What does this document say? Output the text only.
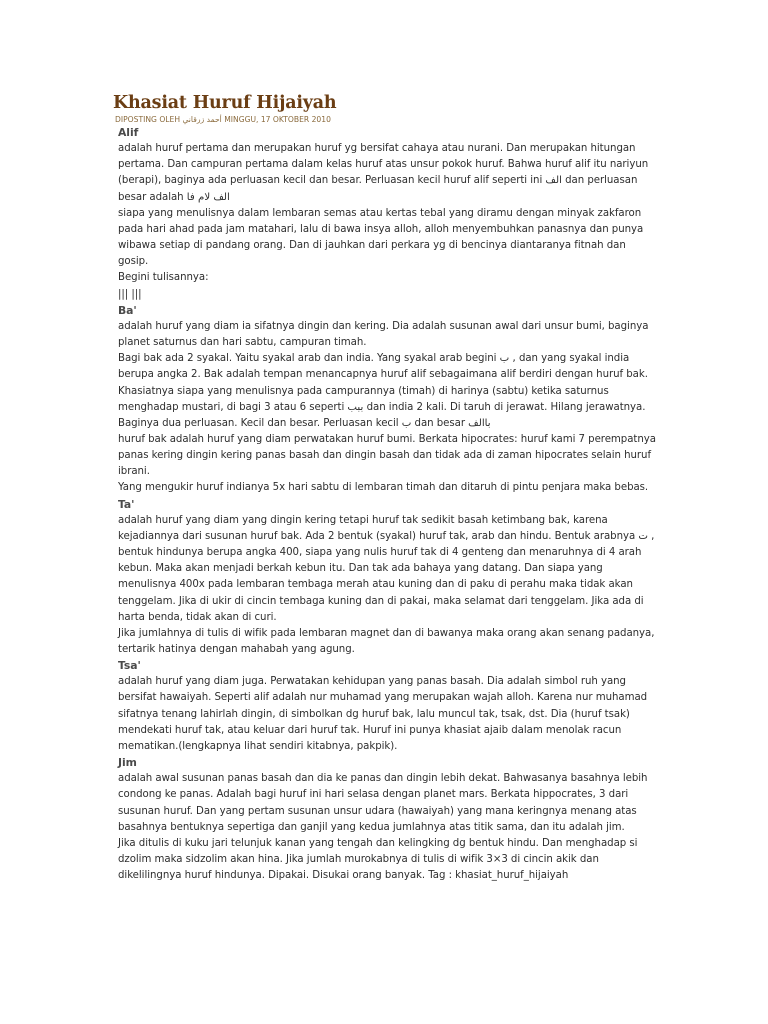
Khasiat Huruf Hijaiyah
DIPOSTING OLEH أحمد زرقاني MINGGU, 17 OKTOBER 2010

Alif

adalah huruf pertama dan merupakan huruf yg bersifat cahaya atau nurani. Dan merupakan hitungan pertama. Dan campuran pertama dalam kelas huruf atas unsur pokok huruf. Bahwa huruf alif itu nariyun (berapi), baginya ada perluasan kecil dan besar. Perluasan kecil huruf alif seperti ini الف dan perluasan besar adalah الف لام فا

siapa yang menulisnya dalam lembaran semas atau kertas tebal yang diramu dengan minyak zakfaron pada hari ahad pada jam matahari, lalu di bawa insya alloh, alloh menyembuhkan panasnya dan punya wibawa setiap di pandang orang. Dan di jauhkan dari perkara yg di bencinya diantaranya fitnah dan gosip.

Begini tulisannya:

||| |||

Ba'

adalah huruf yang diam ia sifatnya dingin dan kering. Dia adalah susunan awal dari unsur bumi, baginya planet saturnus dan hari sabtu, campuran timah.

Bagi bak ada 2 syakal. Yaitu syakal arab dan india. Yang syakal arab begini ب , dan yang syakal india berupa angka 2. Bak adalah tempan menancapnya huruf alif sebagaimana alif berdiri dengan huruf bak. Khasiatnya siapa yang menulisnya pada campurannya (timah) di harinya (sabtu) ketika saturnus menghadap mustari, di bagi 3 atau 6 seperti ببب dan india 2 kali. Di taruh di jerawat. Hilang jerawatnya. Baginya dua perluasan. Kecil dan besar. Perluasan kecil ب dan besar باالف

huruf bak adalah huruf yang diam perwatakan huruf bumi. Berkata hipocrates: huruf kami 7 perempatnya panas kering dingin kering panas basah dan dingin basah dan tidak ada di zaman hipocrates selain huruf ibrani.

Yang mengukir huruf indianya 5x hari sabtu di lembaran timah dan ditaruh di pintu penjara maka bebas.

Ta'

adalah huruf yang diam yang dingin kering tetapi huruf tak sedikit basah ketimbang bak, karena kejadiannya dari susunan huruf bak. Ada 2 bentuk (syakal) huruf tak, arab dan hindu. Bentuk arabnya ت , bentuk hindunya berupa angka 400, siapa yang nulis huruf tak di 4 genteng dan menaruhnya di 4 arah kebun. Maka akan menjadi berkah kebun itu. Dan tak ada bahaya yang datang. Dan siapa yang menulisnya 400x pada lembaran tembaga merah atau kuning dan di paku di perahu maka tidak akan tenggelam. Jika di ukir di cincin tembaga kuning dan di pakai, maka selamat dari tenggelam. Jika ada di harta benda, tidak akan di curi.

Jika jumlahnya di tulis di wifik pada lembaran magnet dan di bawanya maka orang akan senang padanya, tertarik hatinya dengan mahabah yang agung.

Tsa'

adalah huruf yang diam juga. Perwatakan kehidupan yang panas basah. Dia adalah simbol ruh yang bersifat hawaiyah. Seperti alif adalah nur muhamad yang merupakan wajah alloh. Karena nur muhamad sifatnya tenang lahirlah dingin, di simbolkan dg huruf bak, lalu muncul tak, tsak, dst. Dia (huruf tsak) mendekati huruf tak, atau keluar dari huruf tak. Huruf ini punya khasiat ajaib dalam menolak racun mematikan.(lengkapnya lihat sendiri kitabnya, pakpik).

Jim

adalah awal susunan panas basah dan dia ke panas dan dingin lebih dekat. Bahwasanya basahnya lebih condong ke panas. Adalah bagi huruf ini hari selasa dengan planet mars. Berkata hippocrates, 3 dari susunan huruf. Dan yang pertam susunan unsur udara (hawaiyah) yang mana keringnya menang atas basahnya bentuknya sepertiga dan ganjil yang kedua jumlahnya atas titik sama, dan itu adalah jim.

Jika ditulis di kuku jari telunjuk kanan yang tengah dan kelingking dg bentuk hindu. Dan menghadap si dzolim maka sidzolim akan hina. Jika jumlah murokabnya di tulis di wifik 3×3 di cincin akik dan dikelilingnya huruf hindunya. Dipakai. Disukai orang banyak. Tag : khasiat_huruf_hijaiyah
